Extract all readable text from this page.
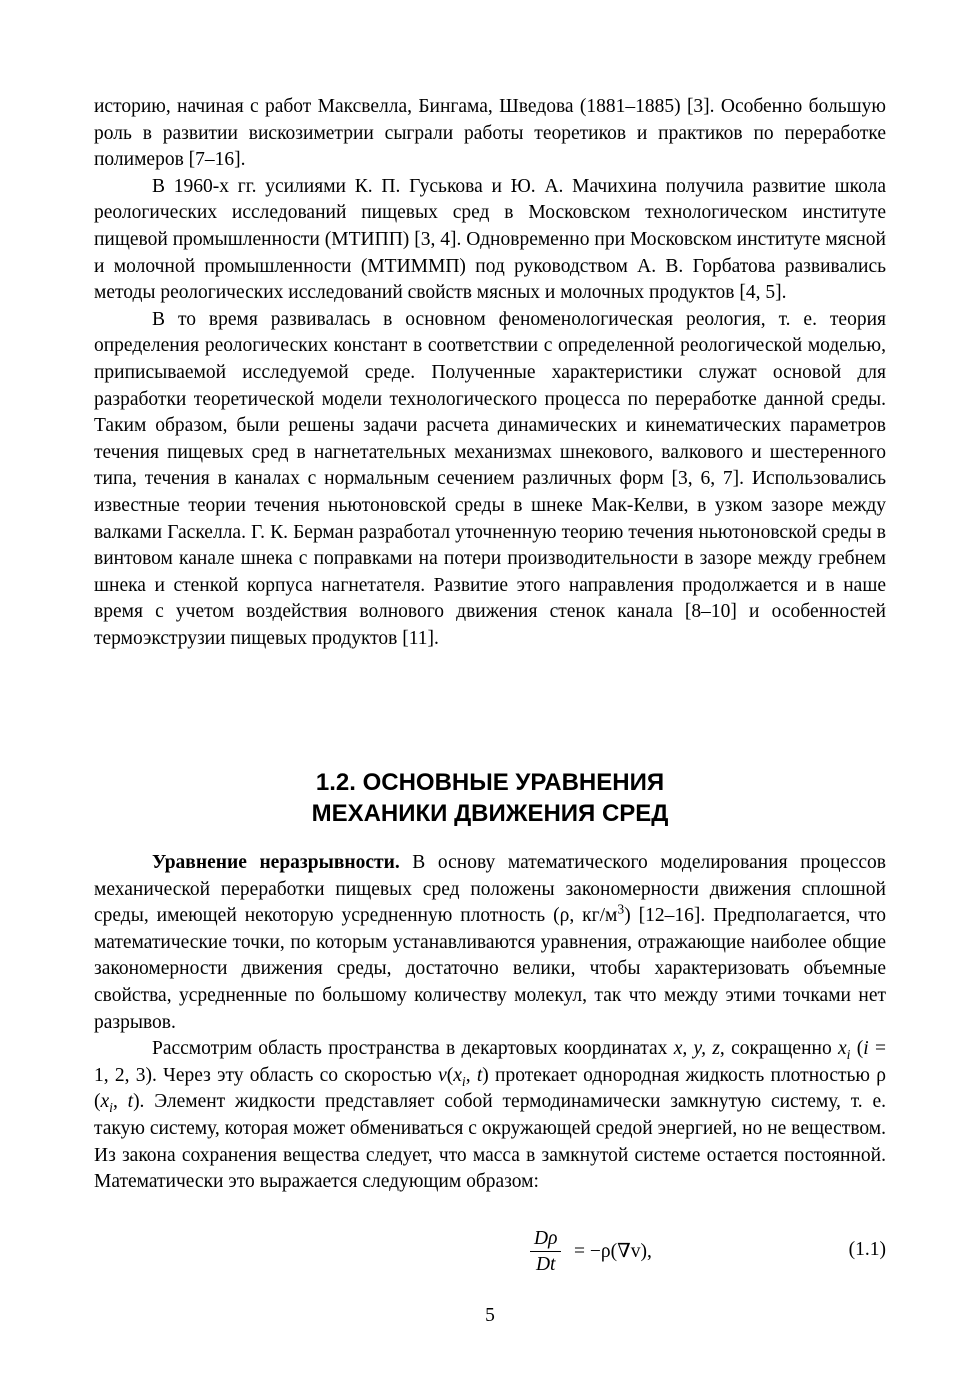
историю, начиная с работ Максвелла, Бингама, Шведова (1881–1885) [3]. Особенно большую роль в развитии вискозиметрии сыграли работы теоретиков и практиков по переработке полимеров [7–16].

В 1960-х гг. усилиями К. П. Гуськова и Ю. А. Мачихина получила развитие школа реологических исследований пищевых сред в Московском технологическом институте пищевой промышленности (МТИПП) [3, 4]. Одновременно при Московском институте мясной и молочной промышленности (МТИММП) под руководством А. В. Горбатова развивались методы реологических исследований свойств мясных и молочных продуктов [4, 5].

В то время развивалась в основном феноменологическая реология, т. е. теория определения реологических констант в соответствии с определенной реологической моделью, приписываемой исследуемой среде. Полученные характеристики служат основой для разработки теоретической модели технологического процесса по переработке данной среды. Таким образом, были решены задачи расчета динамических и кинематических параметров течения пищевых сред в нагнетательных механизмах шнекового, валкового и шестеренного типа, течения в каналах с нормальным сечением различных форм [3, 6, 7]. Использовались известные теории течения ньютоновской среды в шнеке Мак-Келви, в узком зазоре между валками Гаскелла. Г. К. Берман разработал уточненную теорию течения ньютоновской среды в винтовом канале шнека с поправками на потери производительности в зазоре между гребнем шнека и стенкой корпуса нагнетателя. Развитие этого направления продолжается и в наше время с учетом воздействия волнового движения стенок канала [8–10] и особенностей термоэкструзии пищевых продуктов [11].

1.2. ОСНОВНЫЕ УРАВНЕНИЯ
МЕХАНИКИ ДВИЖЕНИЯ СРЕД

Уравнение неразрывности. В основу математического моделирования процессов механической переработки пищевых сред положены закономерности движения сплошной среды, имеющей некоторую усредненную плотность (ρ, $кг/м^3$) [12–16]. Предполагается, что математические точки, по которым устанавливаются уравнения, отражающие наиболее общие закономерности движения среды, достаточно велики, чтобы характеризовать объемные свойства, усредненные по большому количеству молекул, так что между этими точками нет разрывов.

Рассмотрим область пространства в декартовых координатах x, y, z, сокращенно $x_i$ (i = 1, 2, 3). Через эту область со скоростью $v(x_i$, t) протекает однородная жидкость плотностью ρ ($x_i$, t). Элемент жидкости представляет собой термодинамически замкнутую систему, т. е. такую систему, которая может обмениваться с окружающей средой энергией, но не веществом. Из закона сохранения вещества следует, что масса в замкнутой системе остается постоянной. Математически это выражается следующим образом:

$\frac{D\rho}{Dt} = -\rho(\nabla v)$,	(1.1)
5
